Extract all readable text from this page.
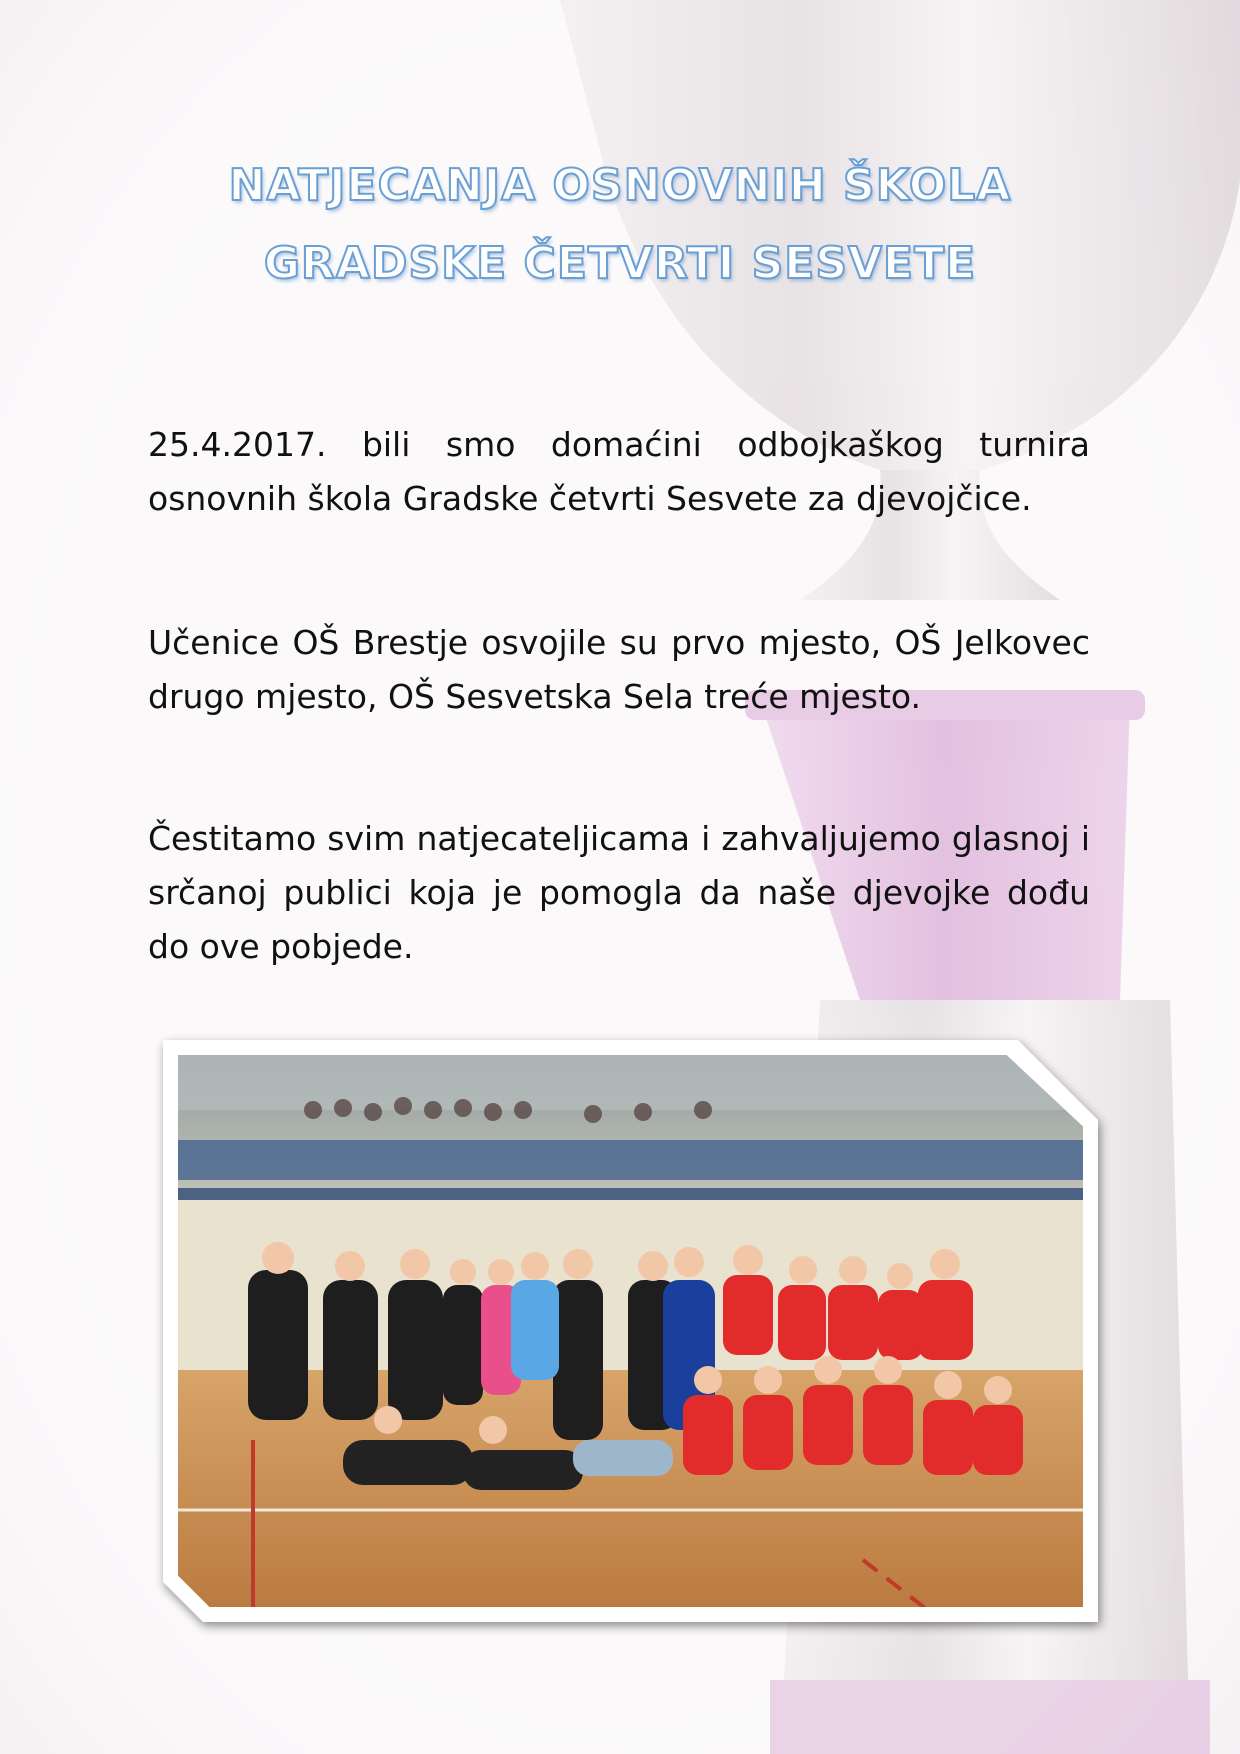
NATJECANJA OSNOVNIH ŠKOLA
GRADSKE ČETVRTI SESVETE

25.4.2017. bili smo domaćini odbojkaškog turnira osnovnih škola Gradske četvrti Sesvete za djevojčice.

Učenice OŠ Brestje osvojile su prvo mjesto, OŠ Jelkovec drugo mjesto, OŠ Sesvetska Sela treće mjesto.

Čestitamo svim natjecateljicama i zahvaljujemo glasnoj i srčanoj publici koja je pomogla da naše djevojke dođu do ove pobjede.
